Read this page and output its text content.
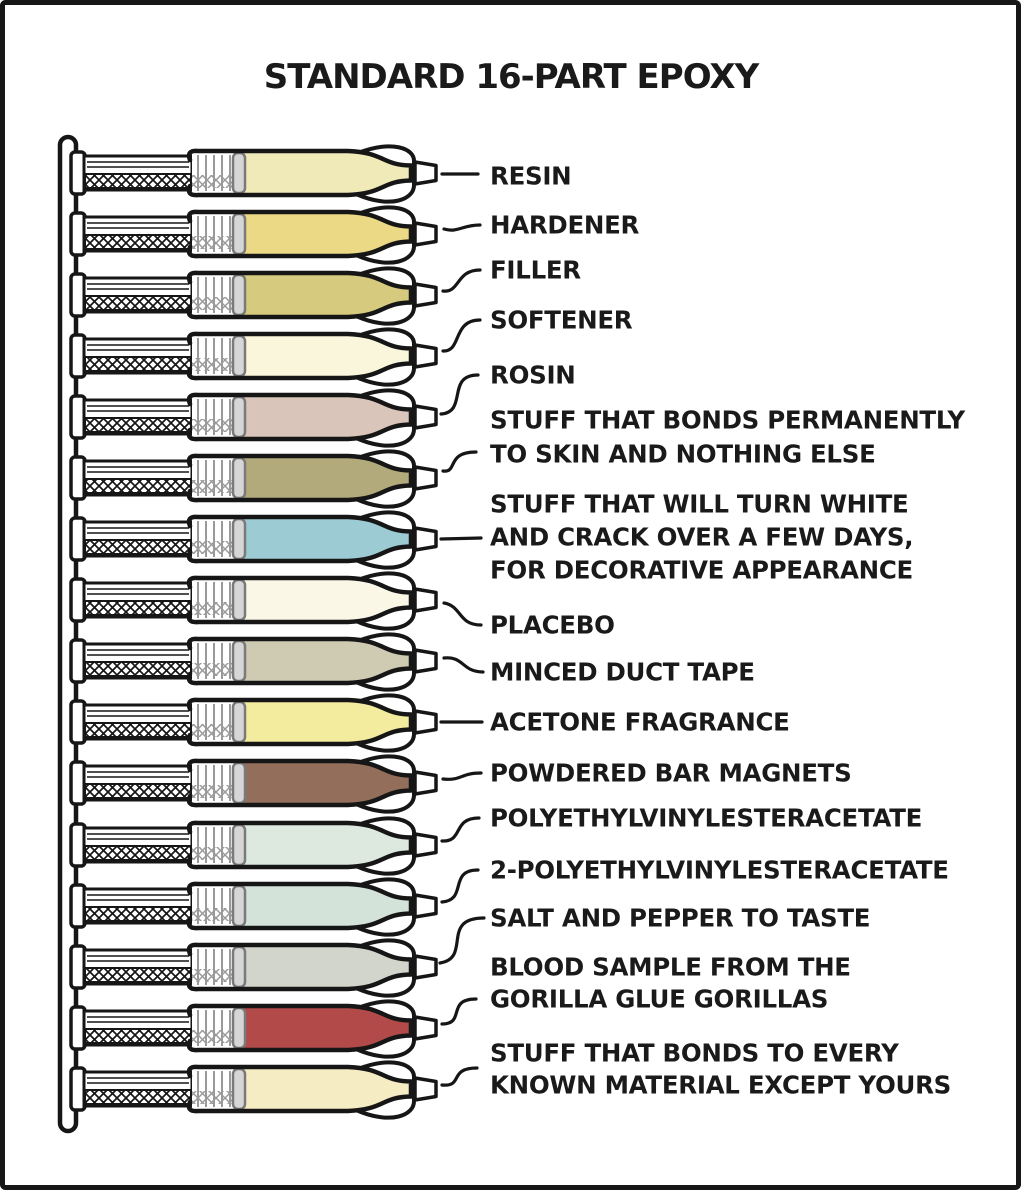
STANDARD 16-PART EPOXY
RESIN
HARDENER
FILLER
SOFTENER
ROSIN
STUFF THAT BONDS PERMANENTLY
TO SKIN AND NOTHING ELSE
STUFF THAT WILL TURN WHITE
AND CRACK OVER A FEW DAYS,
FOR DECORATIVE APPEARANCE
PLACEBO
MINCED DUCT TAPE
ACETONE FRAGRANCE
POWDERED BAR MAGNETS
POLYETHYLVINYLESTERACETATE
2-POLYETHYLVINYLESTERACETATE
SALT AND PEPPER TO TASTE
BLOOD SAMPLE FROM THE
GORILLA GLUE GORILLAS
STUFF THAT BONDS TO EVERY
KNOWN MATERIAL EXCEPT YOURS
